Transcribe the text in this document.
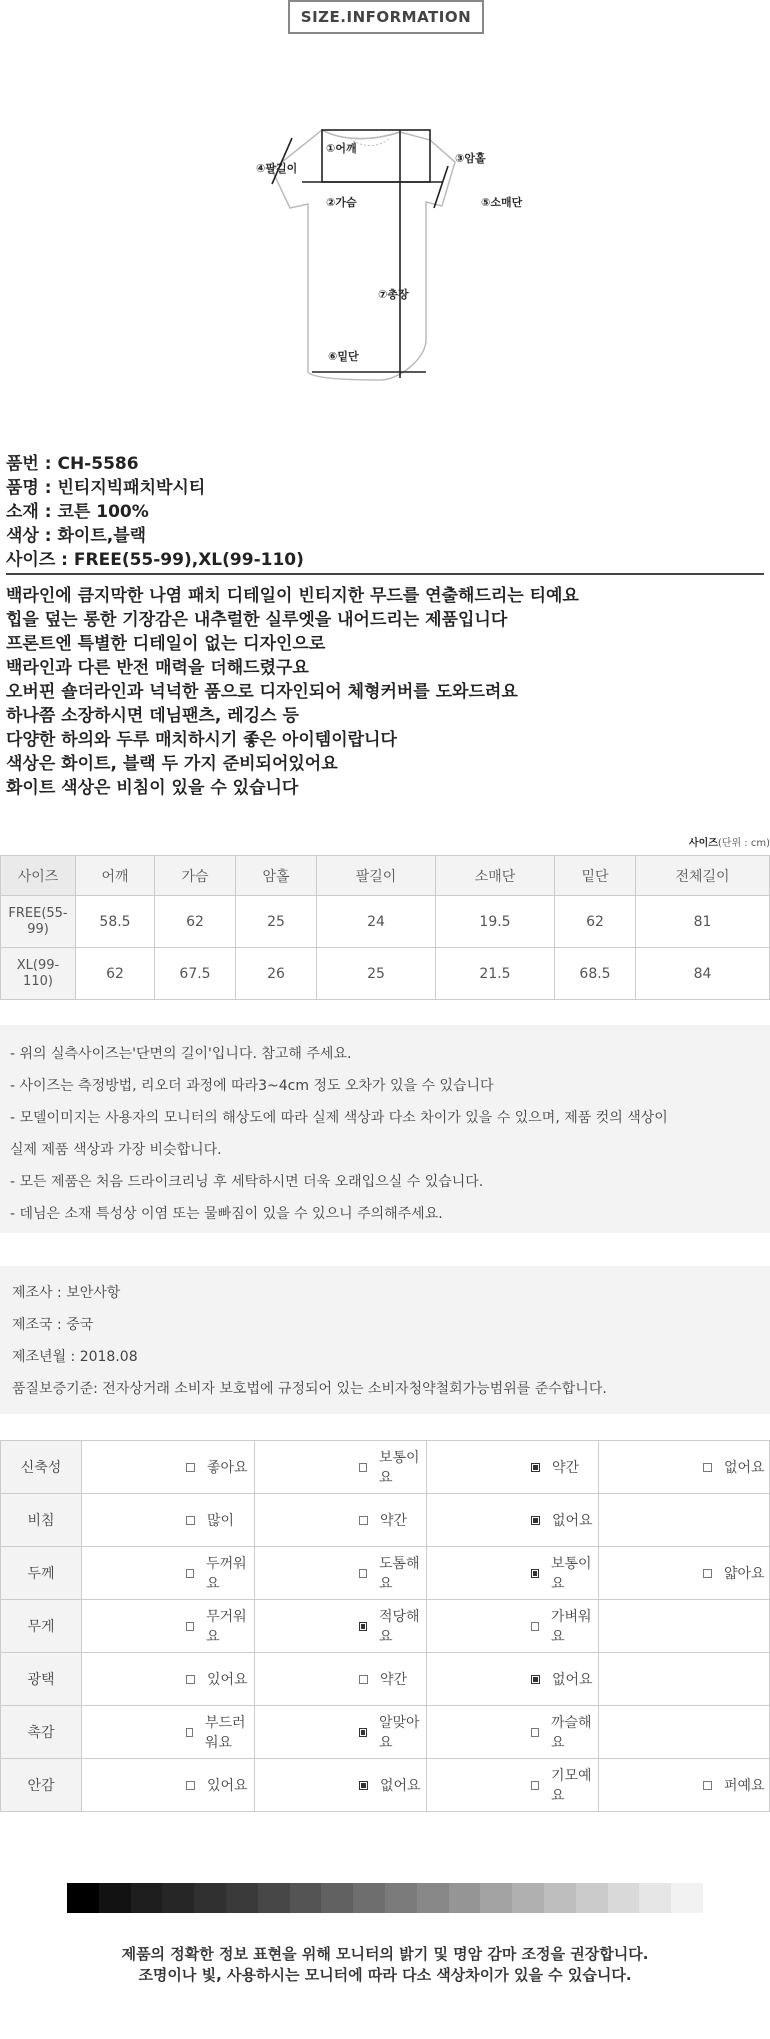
SIZE.INFORMATION
①어깨
②가슴
③암홀
④팔길이
⑤소매단
⑥밑단
⑦총장
품번 : CH-5586
품명 : 빈티지빅패치박시티
소재 : 코튼 100%
색상 : 화이트,블랙
사이즈 : FREE(55-99),XL(99-110)
백라인에 큼지막한 나염 패치 디테일이 빈티지한 무드를 연출해드리는 티예요
힙을 덮는 롱한 기장감은 내추럴한 실루엣을 내어드리는 제품입니다
프론트엔 특별한 디테일이 없는 디자인으로
백라인과 다른 반전 매력을 더해드렸구요
오버핀 숄더라인과 넉넉한 품으로 디자인되어 체형커버를 도와드려요
하나쯤 소장하시면 데님팬츠, 레깅스 등
다양한 하의와 두루 매치하시기 좋은 아이템이랍니다
색상은 화이트, 블랙 두 가지 준비되어있어요
화이트 색상은 비침이 있을 수 있습니다
사이즈(단위 : cm)
사이즈	어깨	가슴	암홀	팔길이	소매단	밑단	전체길이
FREE(55-99)	58.5	62	25	24	19.5	62	81
XL(99-110)	62	67.5	26	25	21.5	68.5	84
- 위의 실측사이즈는'단면의 길이'입니다. 참고해 주세요.
- 사이즈는 측정방법, 리오더 과정에 따라3~4cm 정도 오차가 있을 수 있습니다
- 모델이미지는 사용자의 모니터의 해상도에 따라 실제 색상과 다소 차이가 있을 수 있으며, 제품 컷의 색상이
실제 제품 색상과 가장 비슷합니다.
- 모든 제품은 처음 드라이크리닝 후 세탁하시면 더욱 오래입으실 수 있습니다.
- 데님은 소재 특성상 이염 또는 물빠짐이 있을 수 있으니 주의해주세요.
제조사 : 보안사항
제조국 : 중국
제조년월 : 2018.08
품질보증기준: 전자상거래 소비자 보호법에 규정되어 있는 소비자청약철회가능범위를 준수합니다.
신축성	좋아요	보통이요	약간	없어요

비침	많이	약간	없어요	

두께	두꺼워요	도톰해요	보통이요	얇아요

무게	무거워요	적당해요	가벼워요	

광택	있어요	약간	없어요	

촉감	부드러워요	알맞아요	까슬해요	

안감	있어요	없어요	기모예요	퍼예요
제품의 정확한 정보 표현을 위해 모니터의 밝기 및 명암 감마 조정을 권장합니다.
조명이나 빛, 사용하시는 모니터에 따라 다소 색상차이가 있을 수 있습니다.
